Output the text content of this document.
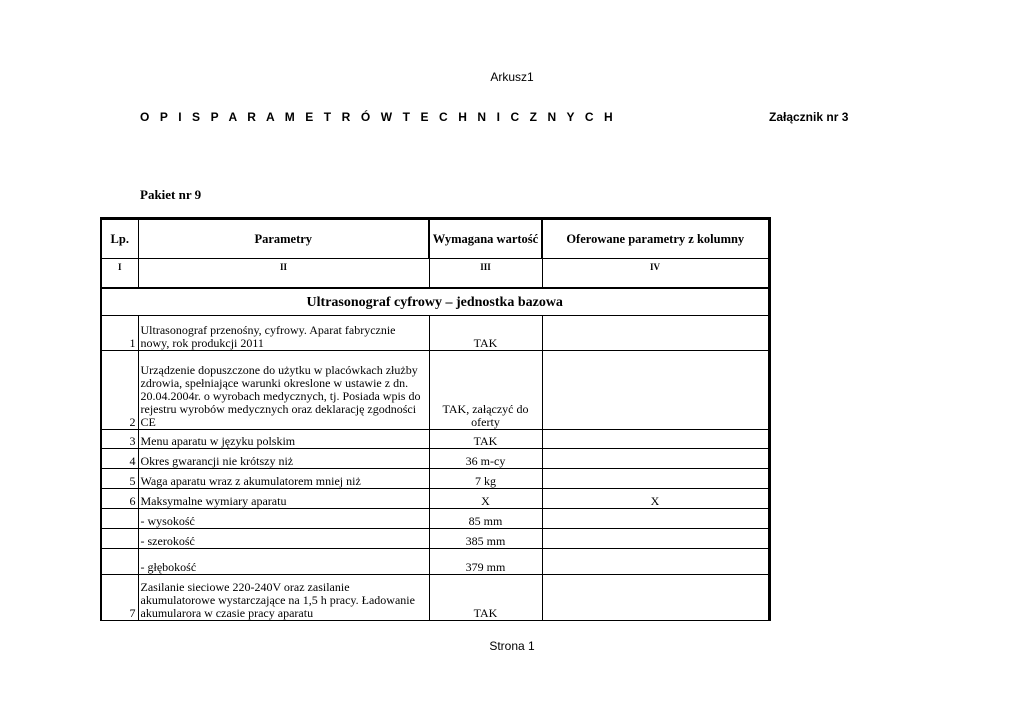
Arkusz1
O P I S P A R A M E T R Ó W T E C H N I C Z N Y C H	Załącznik nr 3
Pakiet nr 9
Lp.	Parametry	Wymagana wartość	Oferowane parametry z kolumny
I	II	III	IV
Ultrasonograf cyfrowy – jednostka bazowa			
1	Ultrasonograf przenośny, cyfrowy. Aparat fabrycznie nowy, rok produkcji 2011	TAK	
2	Urządzenie dopuszczone do użytku w placówkach złużby zdrowia, spełniające warunki okreslone w ustawie z dn. 20.04.2004r. o wyrobach medycznych, tj. Posiada wpis do rejestru wyrobów medycznych oraz deklarację zgodności CE	TAK, załączyć do oferty	
3	Menu aparatu w języku polskim	TAK	
4	Okres gwarancji nie krótszy niż	36 m-cy	
5	Waga aparatu wraz z akumulatorem mniej niż	7 kg	
6	Maksymalne wymiary aparatu	X	X
	- wysokość	85 mm	
	- szerokość	385 mm	
	- głębokość	379 mm	
7	Zasilanie sieciowe 220-240V oraz zasilanie akumulatorowe wystarczające na 1,5 h pracy. Ładowanie akumularora w czasie pracy aparatu	TAK	
Strona 1
